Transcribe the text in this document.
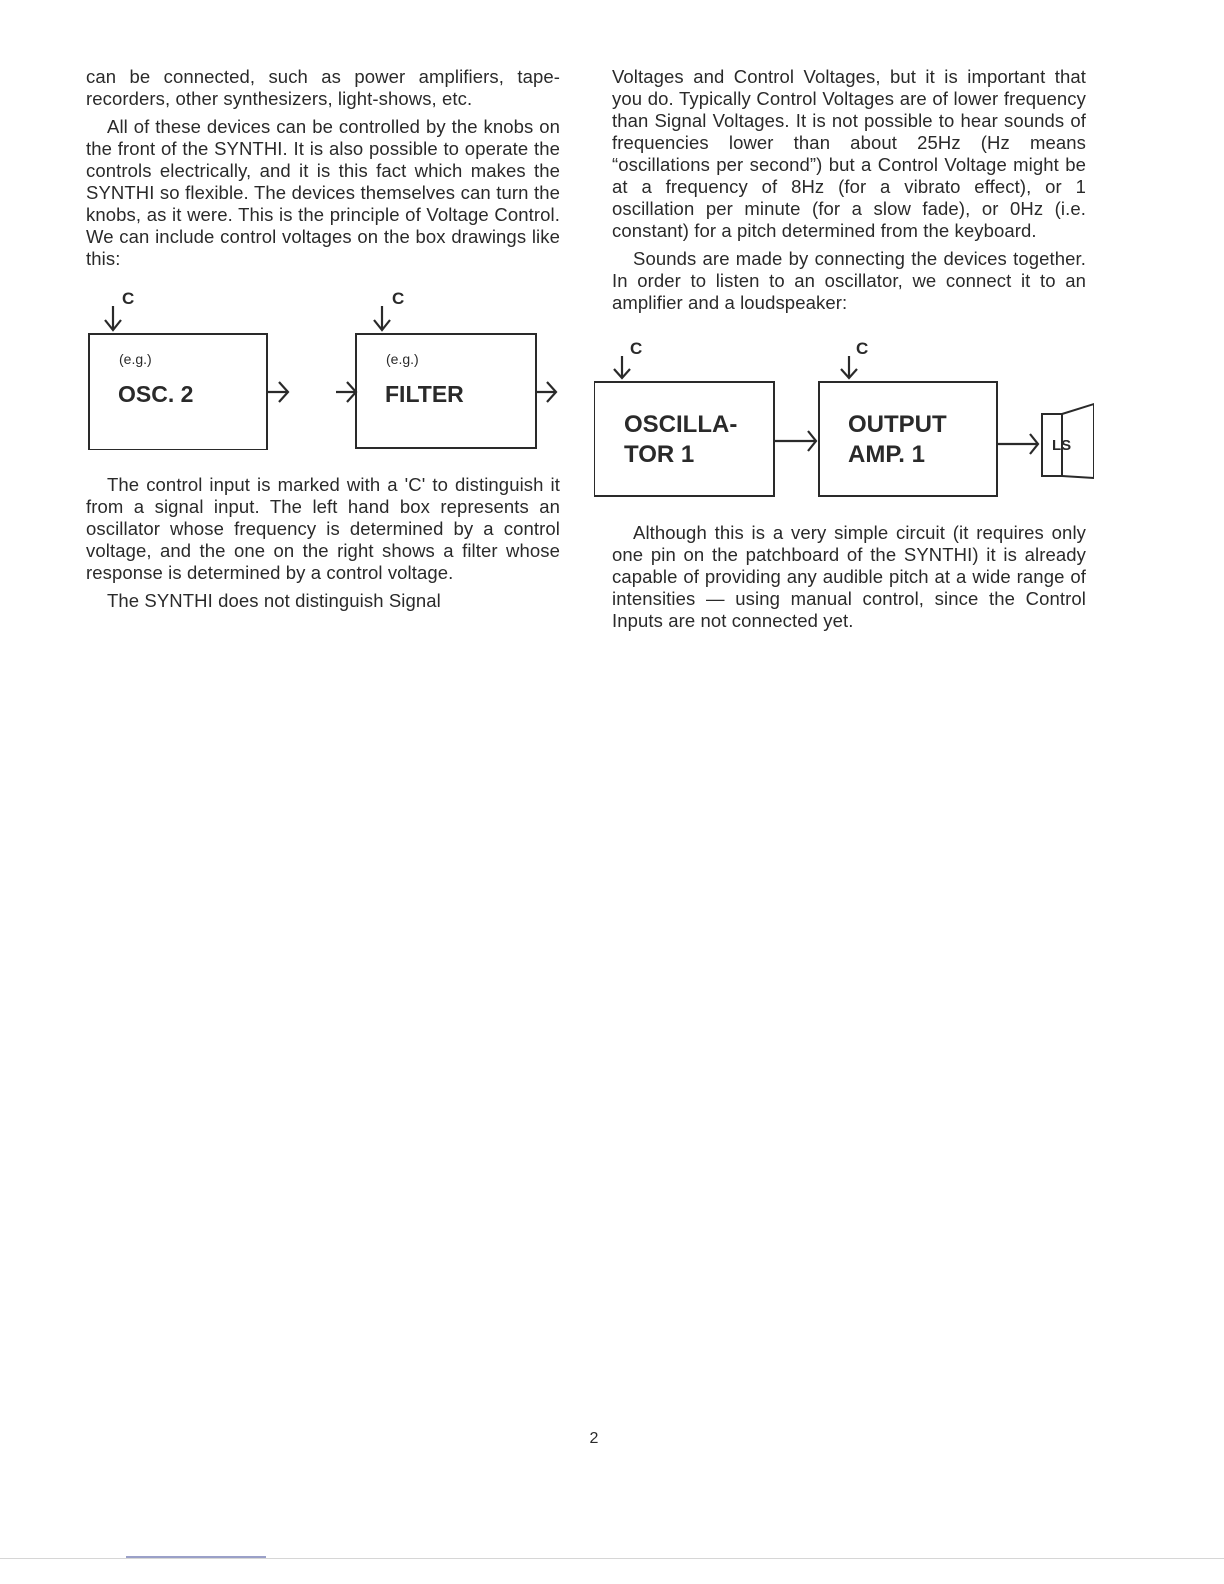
can be connected, such as power amplifiers, tape-recorders, other synthesizers, light-shows, etc.

All of these devices can be controlled by the knobs on the front of the SYNTHI. It is also possible to operate the controls electrically, and it is this fact which makes the SYNTHI so flexible. The devices themselves can turn the knobs, as it were. This is the principle of Voltage Control. We can include control voltages on the box drawings like this:

C
(e.g.)
OSC. 2
C
(e.g.)
FILTER

The control input is marked with a 'C' to distinguish it from a signal input. The left hand box represents an oscillator whose frequency is determined by a control voltage, and the one on the right shows a filter whose response is determined by a control voltage.

The SYNTHI does not distinguish Signal

Voltages and Control Voltages, but it is important that you do. Typically Control Voltages are of lower frequency than Signal Voltages. It is not possible to hear sounds of frequencies lower than about 25Hz (Hz means “oscillations per second”) but a Control Voltage might be at a frequency of 8Hz (for a vibrato effect), or 1 oscillation per minute (for a slow fade), or 0Hz (i.e. constant) for a pitch determined from the keyboard.

Sounds are made by connecting the devices together. In order to listen to an oscillator, we connect it to an amplifier and a loudspeaker:

C
OSCILLA-
TOR 1
C
OUTPUT
AMP. 1	LS

Although this is a very simple circuit (it requires only one pin on the patchboard of the SYNTHI) it is already capable of providing any audible pitch at a wide range of intensities — using manual control, since the Control Inputs are not connected yet.

2
